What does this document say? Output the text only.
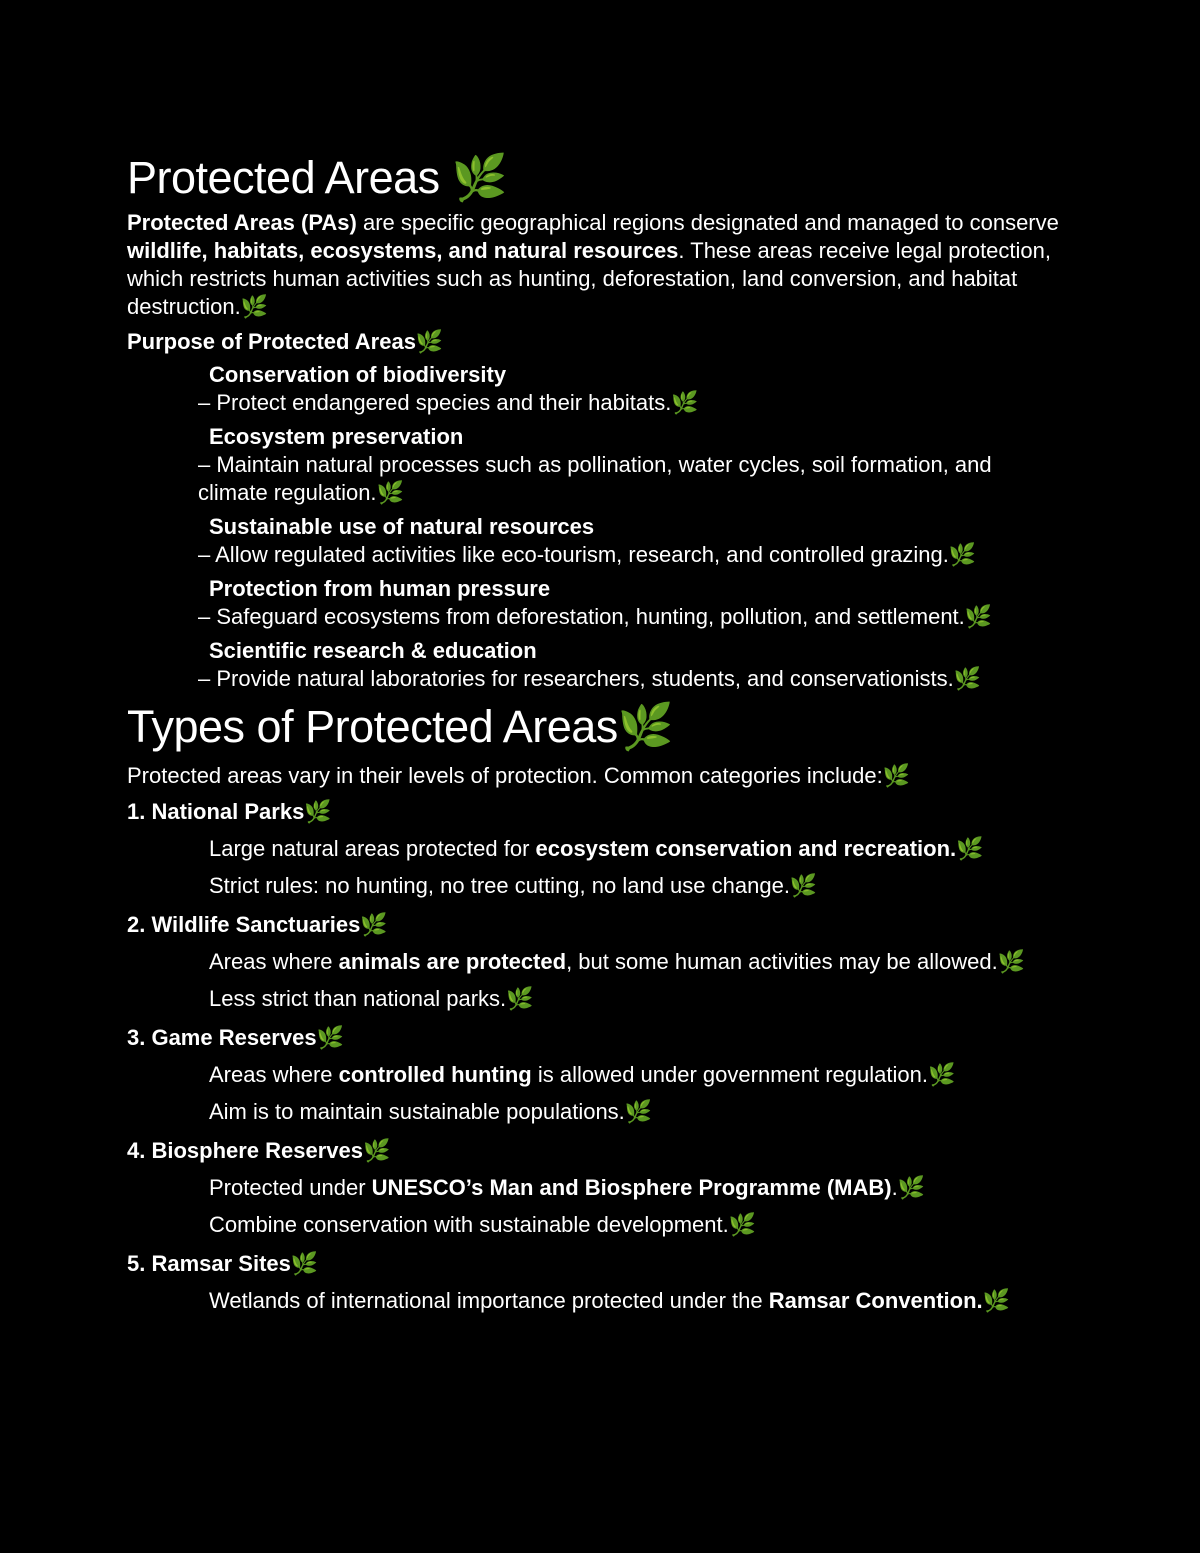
Protected Areas 🌿

Protected Areas (PAs) are specific geographical regions designated and managed to conserve wildlife, habitats, ecosystems, and natural resources. These areas receive legal protection, which restricts human activities such as hunting, deforestation, land conversion, and habitat destruction.🌿

Purpose of Protected Areas🌿

Conservation of biodiversity
– Protect endangered species and their habitats.🌿
Ecosystem preservation
– Maintain natural processes such as pollination, water cycles, soil formation, and climate regulation.🌿
Sustainable use of natural resources
– Allow regulated activities like eco-tourism, research, and controlled grazing.🌿
Protection from human pressure
– Safeguard ecosystems from deforestation, hunting, pollution, and settlement.🌿
Scientific research & education
– Provide natural laboratories for researchers, students, and conservationists.🌿
Types of Protected Areas🌿

Protected areas vary in their levels of protection. Common categories include:🌿

1. National Parks🌿

Large natural areas protected for ecosystem conservation and recreation.🌿
Strict rules: no hunting, no tree cutting, no land use change.🌿

2. Wildlife Sanctuaries🌿

Areas where animals are protected, but some human activities may be allowed.🌿
Less strict than national parks.🌿

3. Game Reserves🌿

Areas where controlled hunting is allowed under government regulation.🌿
Aim is to maintain sustainable populations.🌿

4. Biosphere Reserves🌿

Protected under UNESCO’s Man and Biosphere Programme (MAB).🌿
Combine conservation with sustainable development.🌿

5. Ramsar Sites🌿

Wetlands of international importance protected under the Ramsar Convention.🌿
